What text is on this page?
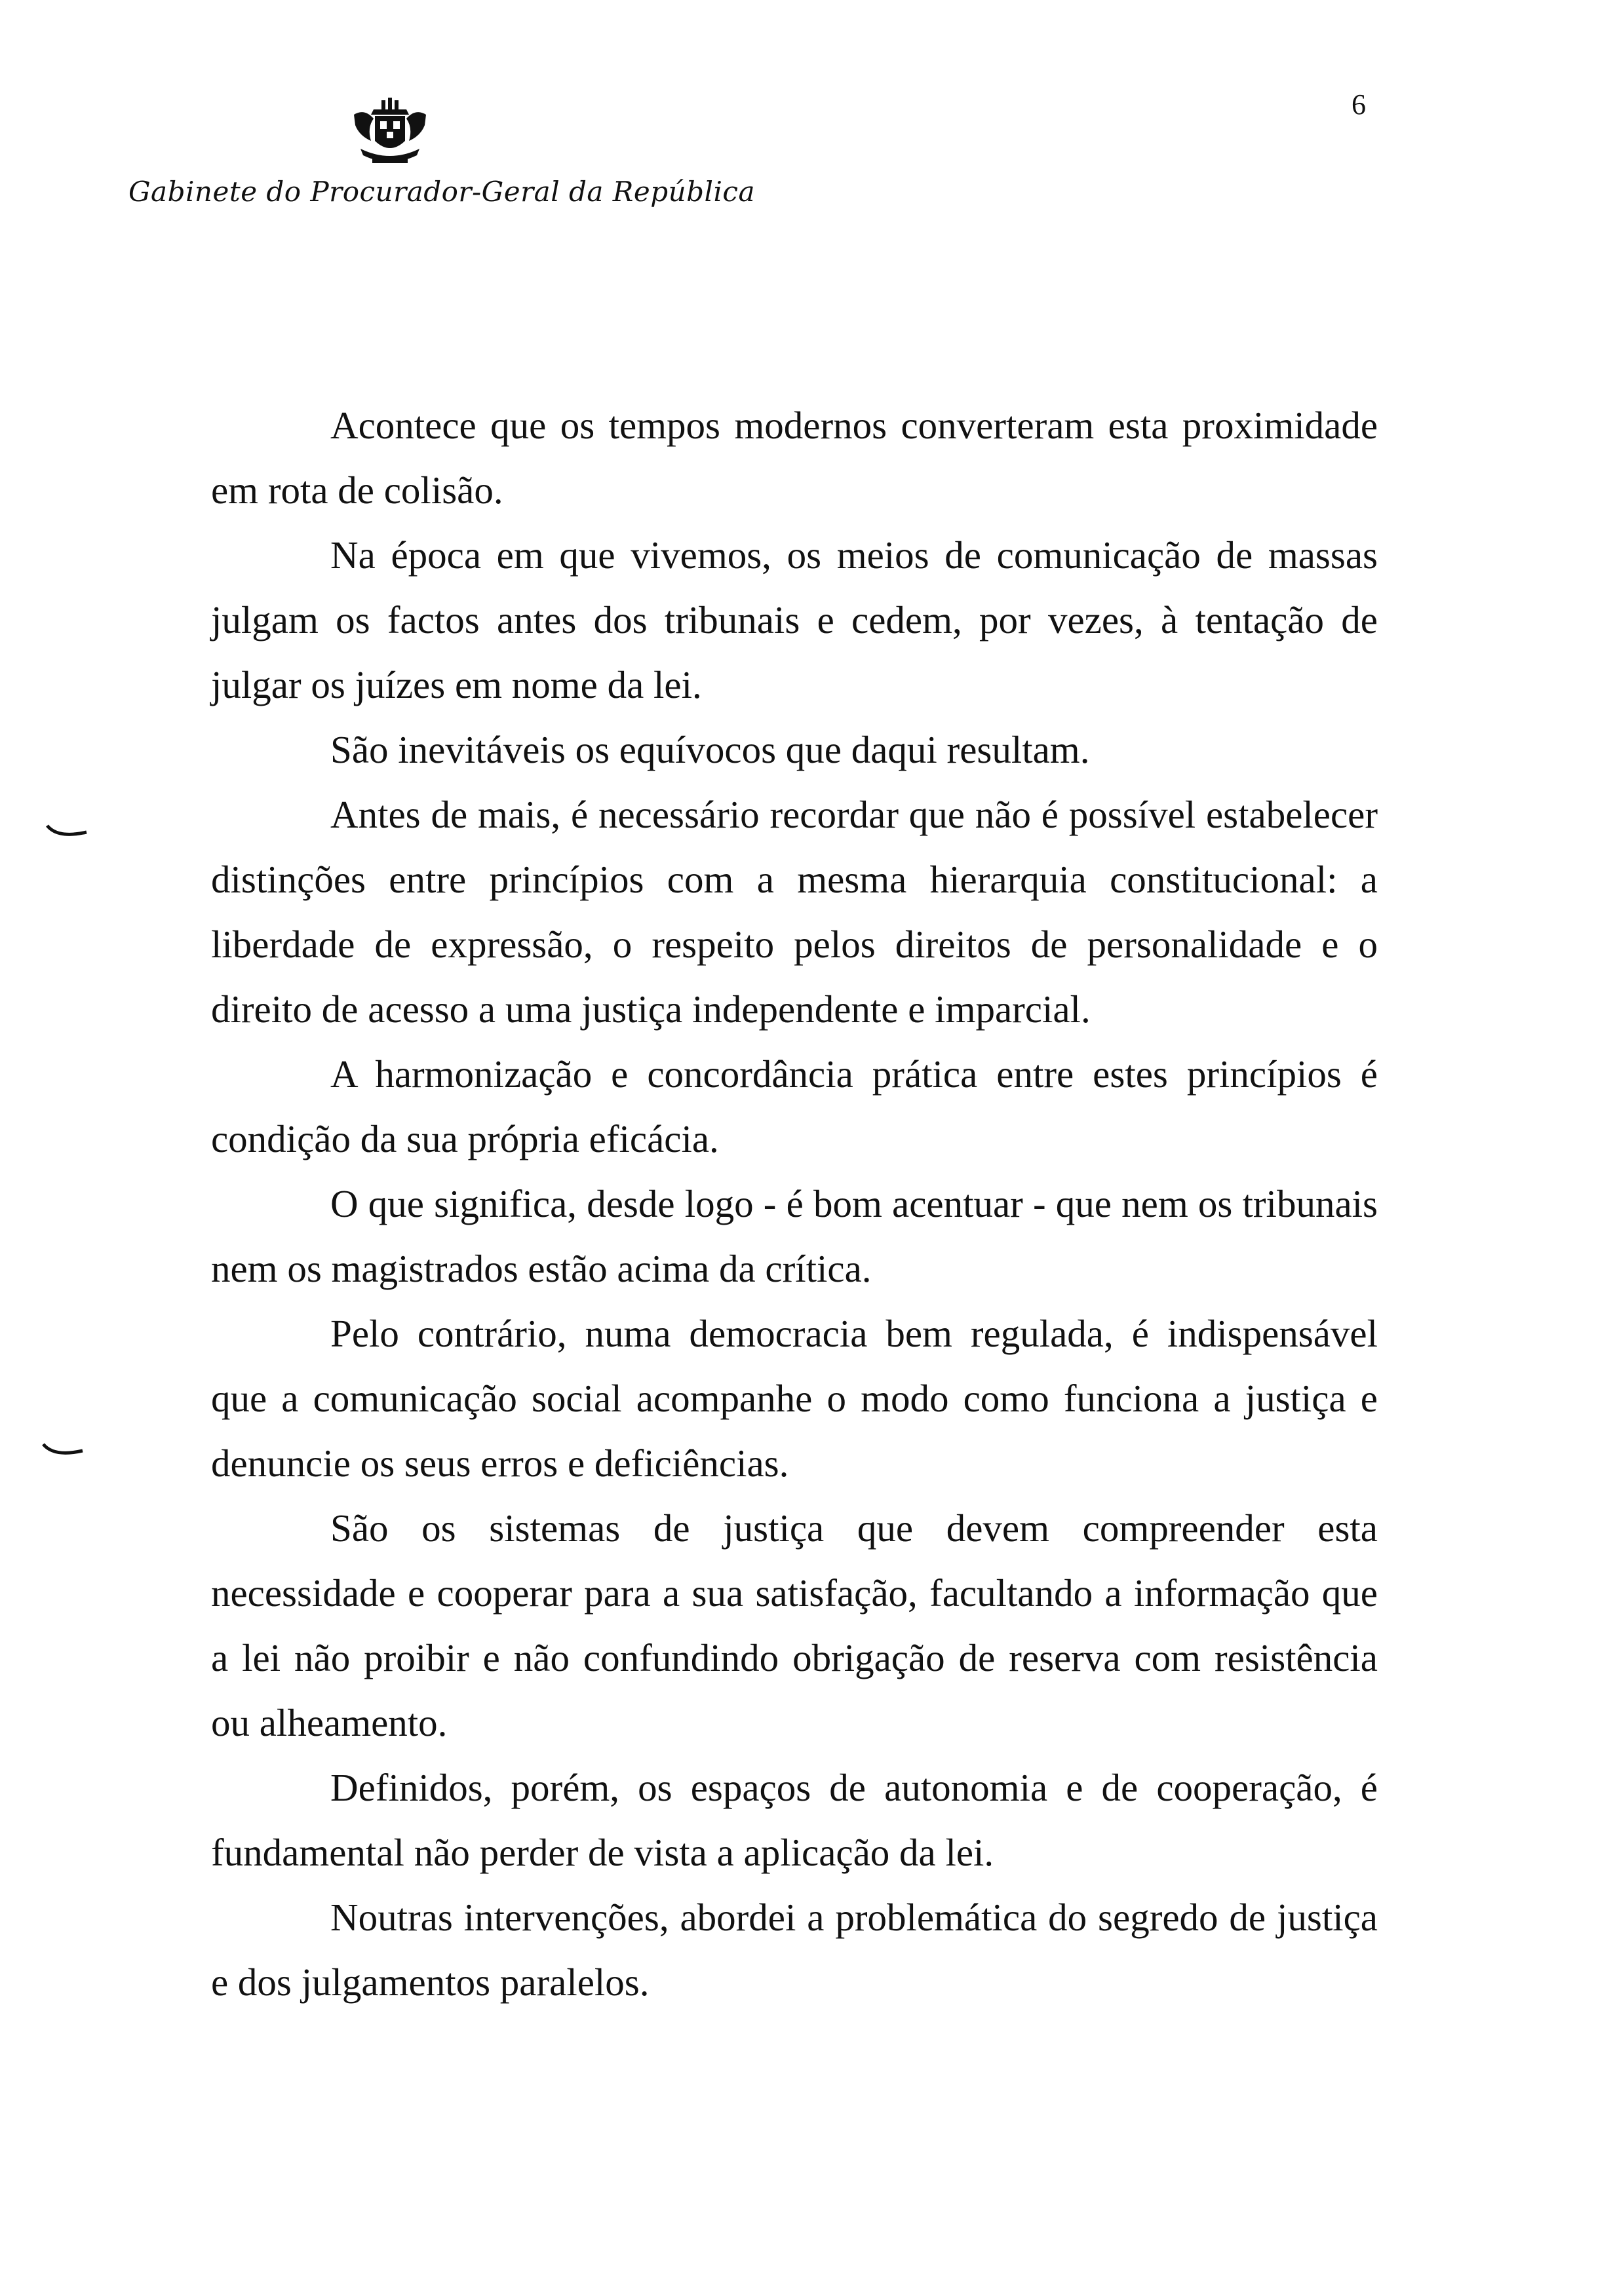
6
Gabinete do Procurador-Geral da República

Acontece que os tempos modernos converteram esta proximidade em rota de colisão.

Na época em que vivemos, os meios de comunicação de massas julgam os factos antes dos tribunais e cedem, por vezes, à tentação de julgar os juízes em nome da lei.

São inevitáveis os equívocos que daqui resultam.

Antes de mais, é necessário recordar que não é possível estabelecer distinções entre princípios com a mesma hierarquia constitucional: a liberdade de expressão, o respeito pelos direitos de personalidade e o direito de acesso a uma justiça independente e imparcial.

A harmonização e concordância prática entre estes princípios é condição da sua própria eficácia.

O que significa, desde logo - é bom acentuar - que nem os tribunais nem os magistrados estão acima da crítica.

Pelo contrário, numa democracia bem regulada, é indispensável que a comunicação social acompanhe o modo como funciona a justiça e denuncie os seus erros e deficiências.

São os sistemas de justiça que devem compreender esta necessidade e cooperar para a sua satisfação, facultando a informação que a lei não proibir e não confundindo obrigação de reserva com resistência ou alheamento.

Definidos, porém, os espaços de autonomia e de cooperação, é fundamental não perder de vista a aplicação da lei.

Noutras intervenções, abordei a problemática do segredo de justiça e dos julgamentos paralelos.
